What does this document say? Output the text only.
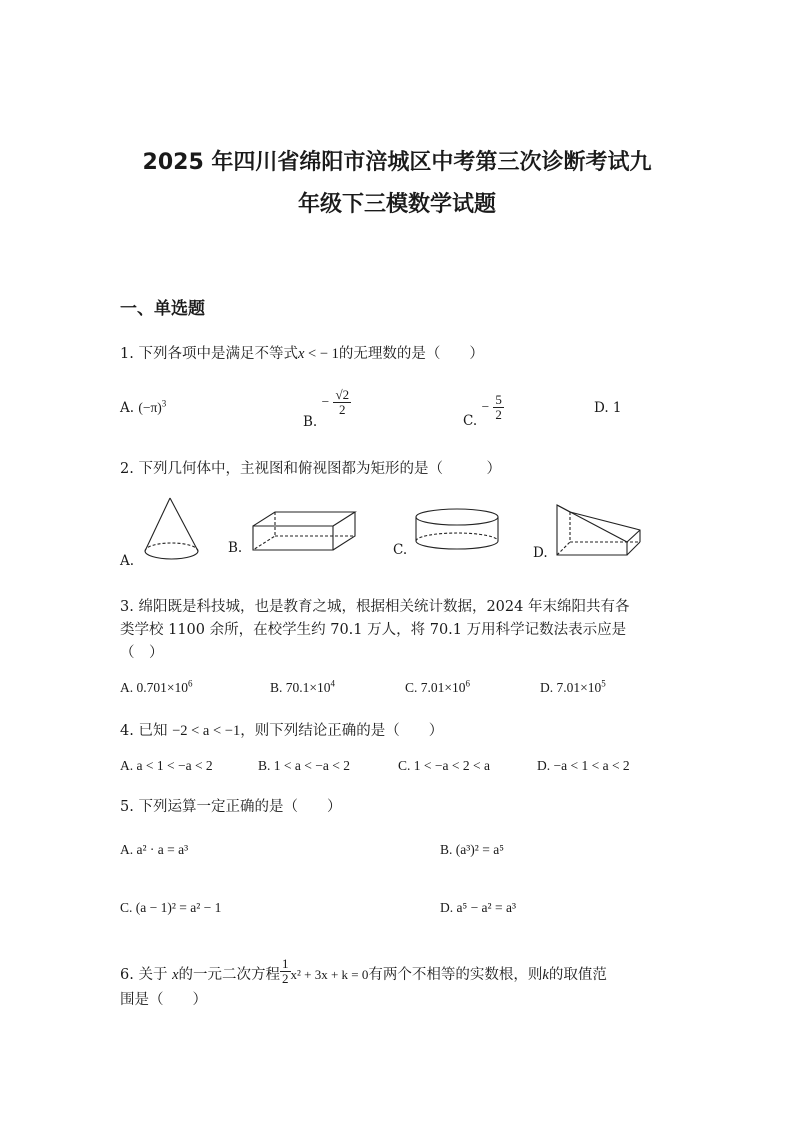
2025 年四川省绵阳市涪城区中考第三次诊断考试九
年级下三模数学试题
一、单选题
1. 下列各项中是满足不等式x < − 1的无理数的是（　　）
A. $(-\pi)^3$
B. − $\frac{√2}{2}$
C. − $\frac{5}{2}$	D. 1
2. 下列几何体中，主视图和俯视图都为矩形的是（　　　）
A.
B.	C.	D.
3. 绵阳既是科技城，也是教育之城，根据相关统计数据，2024 年末绵阳共有各
类学校 1100 余所，在校学生约 70.1 万人，将 70.1 万用科学记数法表示应是
（　）
A. $0.701\times 10^6$	B. $70.1\times 10^4$	C. $7.01\times 10^6$	D. $7.01\times 10^5$
4. 已知 −2 < a < −1，则下列结论正确的是（　　）
A. a < 1 < −a < 2	B. 1 < a < −a < 2	C. 1 < −a < 2 < a	D. −a < 1 < a < 2
5. 下列运算一定正确的是（　　）
A. a² · a = a³	B. (a³)² = a⁵
C. (a − 1)² = a² − 1	D. a⁵ − a² = a³
6. 关于 x的一元二次方程 $\frac{1}{2} x^2 + 3x + k = 0$有两个不相等的实数根，则k的取值范
围是（　　）
